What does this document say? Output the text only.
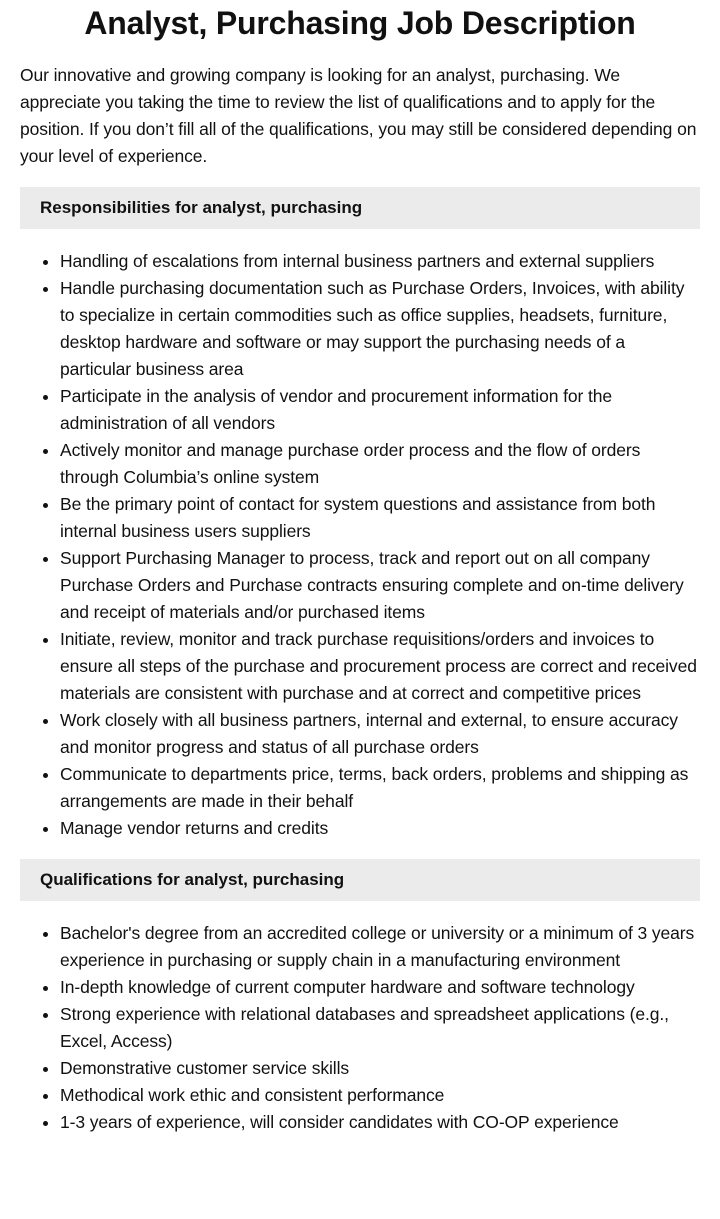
Analyst, Purchasing Job Description

Our innovative and growing company is looking for an analyst, purchasing. We appreciate you taking the time to review the list of qualifications and to apply for the position. If you don’t fill all of the qualifications, you may still be considered depending on your level of experience.

Responsibilities for analyst, purchasing
• Handling of escalations from internal business partners and external suppliers
• Handle purchasing documentation such as Purchase Orders, Invoices, with ability to specialize in certain commodities such as office supplies, headsets, furniture, desktop hardware and software or may support the purchasing needs of a particular business area
• Participate in the analysis of vendor and procurement information for the administration of all vendors
• Actively monitor and manage purchase order process and the flow of orders through Columbia’s online system
• Be the primary point of contact for system questions and assistance from both internal business users suppliers
• Support Purchasing Manager to process, track and report out on all company Purchase Orders and Purchase contracts ensuring complete and on-time delivery and receipt of materials and/or purchased items
• Initiate, review, monitor and track purchase requisitions/orders and invoices to ensure all steps of the purchase and procurement process are correct and received materials are consistent with purchase and at correct and competitive prices
• Work closely with all business partners, internal and external, to ensure accuracy and monitor progress and status of all purchase orders
• Communicate to departments price, terms, back orders, problems and shipping as arrangements are made in their behalf
• Manage vendor returns and credits
Qualifications for analyst, purchasing
• Bachelor's degree from an accredited college or university or a minimum of 3 years experience in purchasing or supply chain in a manufacturing environment
• In-depth knowledge of current computer hardware and software technology
• Strong experience with relational databases and spreadsheet applications (e.g., Excel, Access)
• Demonstrative customer service skills
• Methodical work ethic and consistent performance
• 1-3 years of experience, will consider candidates with CO-OP experience
